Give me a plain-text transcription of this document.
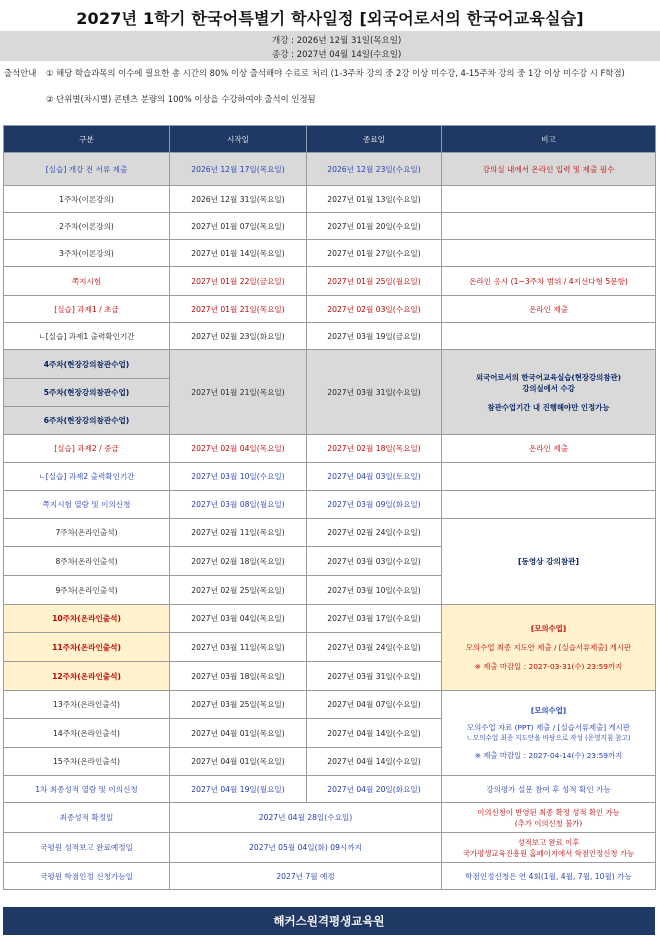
2027년 1학기 한국어특별기 학사일정 [외국어로서의 한국어교육실습]
개강 : 2026년 12월 31일(목요일)
종강 : 2027년 04월 14일(수요일)
출석안내 ① 해당 학습과목의 이수에 필요한 총 시간의 80% 이상 출석해야 수료로 처리 (1-3주차 강의 중 2강 이상 미수강, 4-15주차 강의 중 1강 이상 미수강 시 F학점)
② 단위별(차시별) 콘텐츠 분량의 100% 이상을 수강하여야 출석이 인정됨
구분	시작일	종료일	비고
[실습] 개강 전 서류 제출	2026년 12월 17일(목요일)	2026년 12월 23일(수요일)	강의실 내에서 온라인 입력 및 제출 필수
1주차(이론강의)	2026년 12월 31일(목요일)	2027년 01월 13일(수요일)	
2주차(이론강의)	2027년 01월 07일(목요일)	2027년 01월 20일(수요일)	
3주차(이론강의)	2027년 01월 14일(목요일)	2027년 01월 27일(수요일)	
쪽지시험	2027년 01월 22일(금요일)	2027년 01월 25일(월요일)	온라인 응시 (1~3주차 범위 / 4지선다형 5문항)
[실습] 과제1 / 초급	2027년 01월 21일(목요일)	2027년 02월 03일(수요일)	온라인 제출
ㄴ[실습] 과제1 출력확인기간	2027년 02월 23일(화요일)	2027년 03월 19일(금요일)	
4주차(현장강의참관수업)	2027년 01월 21일(목요일)	2027년 03월 31일(수요일)	외국어로서의 한국어교육실습(현장강의참관)
강의실에서 수강
참관수업기간 내 진행해야만 인정가능

5주차(현장강의참관수업)			
6주차(현장강의참관수업)			
[실습] 과제2 / 중급	2027년 02월 04일(목요일)	2027년 02월 18일(목요일)	온라인 제출
ㄴ[실습] 과제2 출력확인기간	2027년 03월 10일(수요일)	2027년 04월 03일(토요일)	
쪽지시험 열람 및 이의신청	2027년 03월 08일(월요일)	2027년 03월 09일(화요일)	
7주차(온라인출석)	2027년 02월 11일(목요일)	2027년 02월 24일(수요일)	[동영상 강의참관]
8주차(온라인출석)	2027년 02월 18일(목요일)	2027년 03월 03일(수요일)	
9주차(온라인출석)	2027년 02월 25일(목요일)	2027년 03월 10일(수요일)	
10주차(온라인출석)	2027년 03월 04일(목요일)	2027년 03월 17일(수요일)	[모의수업]
모의수업 최종 지도안 제출 / [실습서류제출] 게시판
※ 제출 마감일 : 2027-03-31(수) 23:59까지

11주차(온라인출석)	2027년 03월 11일(목요일)	2027년 03월 24일(수요일)	
12주차(온라인출석)	2027년 03월 18일(목요일)	2027년 03월 31일(수요일)	
13주차(온라인출석)	2027년 03월 25일(목요일)	2027년 04월 07일(수요일)	[모의수업]
모의수업 자료 (PPT) 제출 / [실습서류제출] 게시판
ㄴ모의수업 최종 지도안을 바탕으로 작성 (운영지침 참고)
※ 제출 마감일 : 2027-04-14(수) 23:59까지

14주차(온라인출석)	2027년 04월 01일(목요일)	2027년 04월 14일(수요일)	
15주차(온라인출석)	2027년 04월 01일(목요일)	2027년 04월 14일(수요일)	
1차 최종성적 열람 및 이의신청	2027년 04월 19일(월요일)	2027년 04월 20일(화요일)	강의평가 설문 참여 후 성적 확인 가능
최종성적 확정일	2027년 04월 28일(수요일)		이의신청이 반영된 최종 확정 성적 확인 가능
(추가 이의신청 불가)

국평원 성적보고 완료예정일	2027년 05월 04일(화) 09시까지		성적보고 완료 이후
국가평생교육진흥원 홈페이지에서 학점인정신청 가능

국평원 학점인정 신청가능일	2027년 7월 예정		학점인정신청은 연 4회(1월, 4월, 7월, 10월) 가능
해커스원격평생교육원
